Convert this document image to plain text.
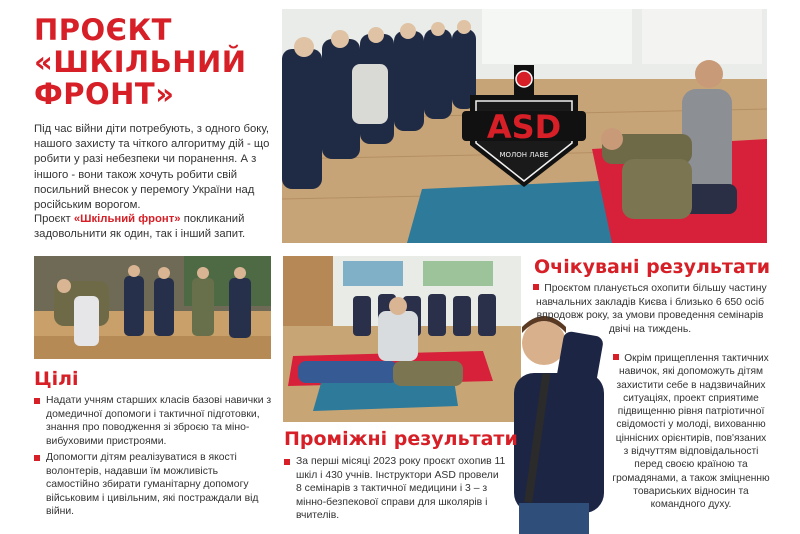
ПРОЄКТ
«ШКІЛЬНИЙ
ФРОНТ»

Під час війни діти потребують, з одного боку, нашого захисту та чіткого алгоритму дій - що робити у разі небезпеки чи поранення. А з іншого - вони також хочуть робити свій посильний внесок у перемогу України над російським ворогом.

Проєкт «Шкільний фронт» покликаний задовольнити як один, так і інший запит.

ASD
МОЛОН ЛАВЕ
Цілі
Проміжні результати
Очікувані результати

Надати учням старших класів базові навички з домедичної допомоги і тактичної підготовки, знання про поводження зі зброєю та міно-вибуховими пристроями.

Допомогти дітям реалізуватися в якості волонтерів, надавши їм можливість самостійно збирати гуманітарну допомогу військовим і цивільним, які постраждали від війни.

За перші місяці 2023 року проєкт охопив 11 шкіл і 430 учнів. Інструктори ASD провели 8 семінарів з тактичної медицини і 3 – з мінно-безпекової справи для школярів і вчителів.

Проєктом планується охопити більшу частину навчальних закладів Києва і близько 6 650 осіб впродовж року, за умови проведення семінарів двічі на тиждень.

Окрім прищеплення тактичних навичок, які допоможуть дітям захистити себе в надзвичайних ситуаціях, проект сприятиме підвищенню рівня патріотичної свідомості у молоді, вихованню ціннісних орієнтирів, пов'язаних з відчуттям відповідальності перед своєю країною та громадянами, а також зміцненню товариських відносин та командного духу.
